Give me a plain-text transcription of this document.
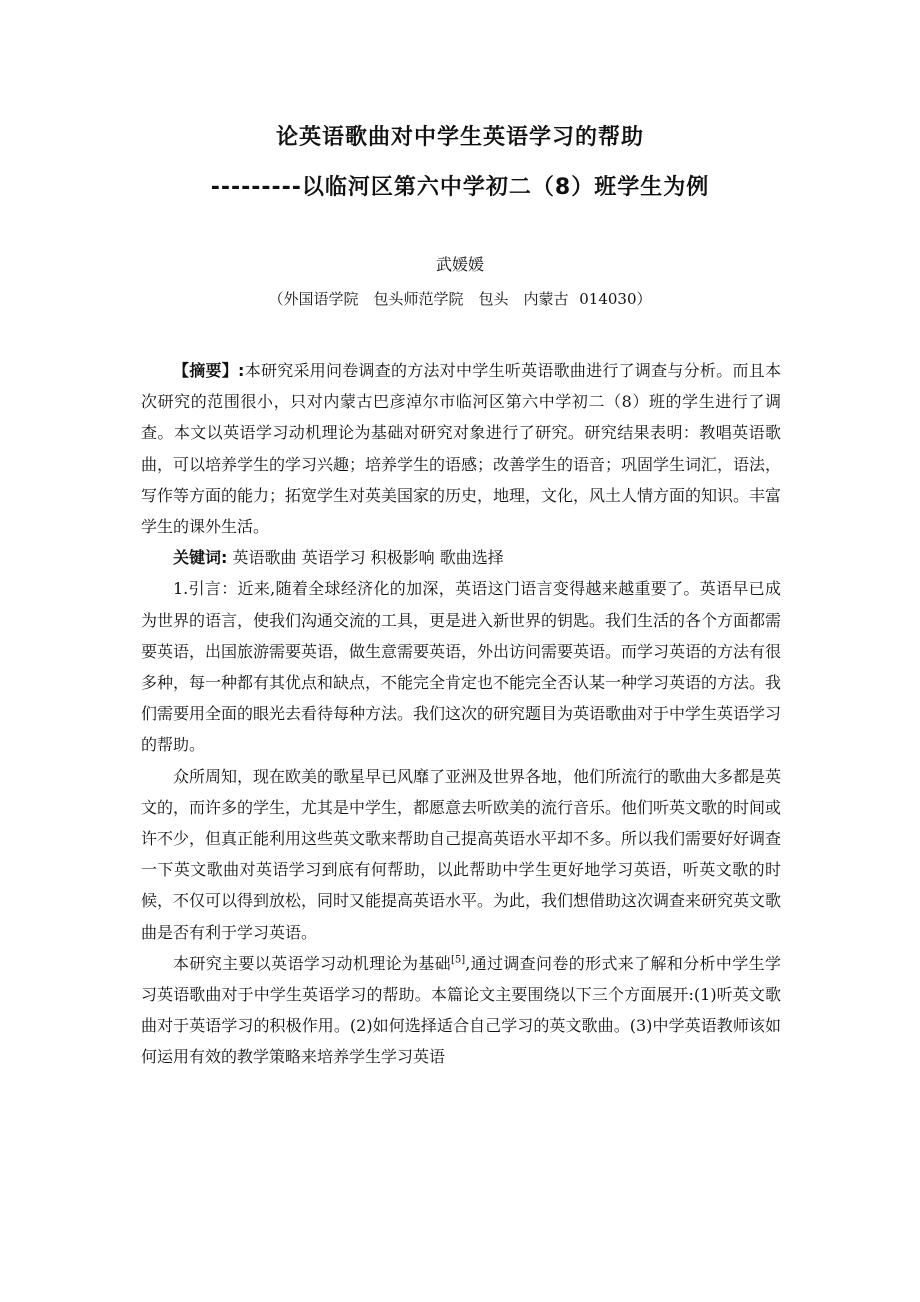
论英语歌曲对中学生英语学习的帮助
---------以临河区第六中学初二（8）班学生为例
武媛媛
（外国语学院　包头师范学院　包头　内蒙古 014030）

【摘要】:本研究采用问卷调查的方法对中学生听英语歌曲进行了调查与分析。而且本次研究的范围很小，只对内蒙古巴彦淖尔市临河区第六中学初二（8）班的学生进行了调查。本文以英语学习动机理论为基础对研究对象进行了研究。研究结果表明：教唱英语歌曲，可以培养学生的学习兴趣；培养学生的语感；改善学生的语音；巩固学生词汇，语法，写作等方面的能力；拓宽学生对英美国家的历史，地理，文化，风土人情方面的知识。丰富学生的课外生活。

关键词: 英语歌曲 英语学习 积极影响 歌曲选择

1.引言：近来,随着全球经济化的加深，英语这门语言变得越来越重要了。英语早已成为世界的语言，使我们沟通交流的工具，更是进入新世界的钥匙。我们生活的各个方面都需要英语，出国旅游需要英语，做生意需要英语，外出访问需要英语。而学习英语的方法有很多种，每一种都有其优点和缺点，不能完全肯定也不能完全否认某一种学习英语的方法。我们需要用全面的眼光去看待每种方法。我们这次的研究题目为英语歌曲对于中学生英语学习的帮助。

众所周知，现在欧美的歌星早已风靡了亚洲及世界各地，他们所流行的歌曲大多都是英文的，而许多的学生，尤其是中学生，都愿意去听欧美的流行音乐。他们听英文歌的时间或许不少，但真正能利用这些英文歌来帮助自己提高英语水平却不多。所以我们需要好好调查一下英文歌曲对英语学习到底有何帮助，以此帮助中学生更好地学习英语，听英文歌的时候，不仅可以得到放松，同时又能提高英语水平。为此，我们想借助这次调查来研究英文歌曲是否有利于学习英语。

本研究主要以英语学习动机理论为基础[5],通过调查问卷的形式来了解和分析中学生学习英语歌曲对于中学生英语学习的帮助。本篇论文主要围绕以下三个方面展开:(1)听英文歌曲对于英语学习的积极作用。(2)如何选择适合自己学习的英文歌曲。(3)中学英语教师该如何运用有效的教学策略来培养学生学习英语
